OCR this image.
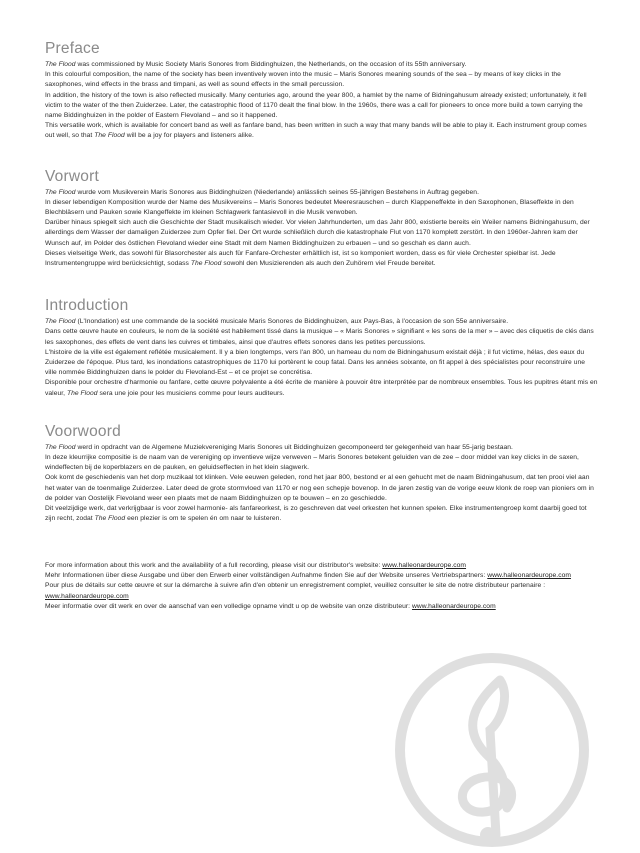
Preface

The Flood was commissioned by Music Society Maris Sonores from Biddinghuizen, the Netherlands, on the occasion of its 55th anniversary.

In this colourful composition, the name of the society has been inventively woven into the music – Maris Sonores meaning sounds of the sea – by means of key clicks in the saxophones, wind effects in the brass and timpani, as well as sound effects in the small percussion.

In addition, the history of the town is also reflected musically. Many centuries ago, around the year 800, a hamlet by the name of Bidningahusum already existed; unfortunately, it fell victim to the water of the then Zuiderzee. Later, the catastrophic flood of 1170 dealt the final blow. In the 1960s, there was a call for pioneers to once more build a town carrying the name Biddinghuizen in the polder of Eastern Flevoland – and so it happened.

This versatile work, which is available for concert band as well as fanfare band, has been written in such a way that many bands will be able to play it. Each instrument group comes out well, so that The Flood will be a joy for players and listeners alike.

Vorwort

The Flood wurde vom Musikverein Maris Sonores aus Biddinghuizen (Niederlande) anlässlich seines 55-jährigen Bestehens in Auftrag gegeben.

In dieser lebendigen Komposition wurde der Name des Musikvereins – Maris Sonores bedeutet Meeresrauschen – durch Klappeneffekte in den Saxophonen, Blaseffekte in den Blechbläsern und Pauken sowie Klangeffekte im kleinen Schlagwerk fantasievoll in die Musik verwoben.

Darüber hinaus spiegelt sich auch die Geschichte der Stadt musikalisch wieder. Vor vielen Jahrhunderten, um das Jahr 800, existierte bereits ein Weiler namens Bidningahusum, der allerdings dem Wasser der damaligen Zuiderzee zum Opfer fiel. Der Ort wurde schließlich durch die katastrophale Flut von 1170 komplett zerstört. In den 1960er-Jahren kam der Wunsch auf, im Polder des östlichen Flevoland wieder eine Stadt mit dem Namen Biddinghuizen zu erbauen – und so geschah es dann auch.

Dieses vielseitige Werk, das sowohl für Blasorchester als auch für Fanfare-Orchester erhältlich ist, ist so komponiert worden, dass es für viele Orchester spielbar ist. Jede Instrumentengruppe wird berücksichtigt, sodass The Flood sowohl den Musizierenden als auch den Zuhörern viel Freude bereitet.

Introduction

The Flood (L'Inondation) est une commande de la société musicale Maris Sonores de Biddinghuizen, aux Pays-Bas, à l'occasion de son 55e anniversaire.

Dans cette œuvre haute en couleurs, le nom de la société est habilement tissé dans la musique – « Maris Sonores » signifiant « les sons de la mer » – avec des cliquetis de clés dans les saxophones, des effets de vent dans les cuivres et timbales, ainsi que d'autres effets sonores dans les petites percussions.

L'histoire de la ville est également reflétée musicalement. Il y a bien longtemps, vers l'an 800, un hameau du nom de Bidningahusum existait déjà ; il fut victime, hélas, des eaux du Zuiderzee de l'époque. Plus tard, les inondations catastrophiques de 1170 lui portèrent le coup fatal. Dans les années soixante, on fit appel à des spécialistes pour reconstruire une ville nommée Biddinghuizen dans le polder du Flevoland-Est – et ce projet se concrétisa.

Disponible pour orchestre d'harmonie ou fanfare, cette œuvre polyvalente a été écrite de manière à pouvoir être interprétée par de nombreux ensembles. Tous les pupitres étant mis en valeur, The Flood sera une joie pour les musiciens comme pour leurs auditeurs.

Voorwoord

The Flood werd in opdracht van de Algemene Muziekvereniging Maris Sonores uit Biddinghuizen gecomponeerd ter gelegenheid van haar 55-jarig bestaan.

In deze kleurrijke compositie is de naam van de vereniging op inventieve wijze verweven – Maris Sonores betekent geluiden van de zee – door middel van key clicks in de saxen, windeffecten bij de koperblazers en de pauken, en geluidseffecten in het klein slagwerk.

Ook komt de geschiedenis van het dorp muzikaal tot klinken. Vele eeuwen geleden, rond het jaar 800, bestond er al een gehucht met de naam Bidningahusum, dat ten prooi viel aan het water van de toenmalige Zuiderzee. Later deed de grote stormvloed van 1170 er nog een schepje bovenop. In de jaren zestig van de vorige eeuw klonk de roep van pioniers om in de polder van Oostelijk Flevoland weer een plaats met de naam Biddinghuizen op te bouwen – en zo geschiedde.

Dit veelzijdige werk, dat verkrijgbaar is voor zowel harmonie- als fanfareorkest, is zo geschreven dat veel orkesten het kunnen spelen. Elke instrumentengroep komt daarbij goed tot zijn recht, zodat The Flood een plezier is om te spelen én om naar te luisteren.

For more information about this work and the availability of a full recording, please visit our distributor's website: www.halleonardeurope.com

Mehr Informationen über diese Ausgabe und über den Erwerb einer vollständigen Aufnahme finden Sie auf der Website unseres Vertriebspartners: www.halleonardeurope.com

Pour plus de détails sur cette œuvre et sur la démarche à suivre afin d'en obtenir un enregistrement complet, veuillez consulter le site de notre distributeur partenaire : www.halleonardeurope.com

Meer informatie over dit werk en over de aanschaf van een volledige opname vindt u op de website van onze distributeur: www.halleonardeurope.com
